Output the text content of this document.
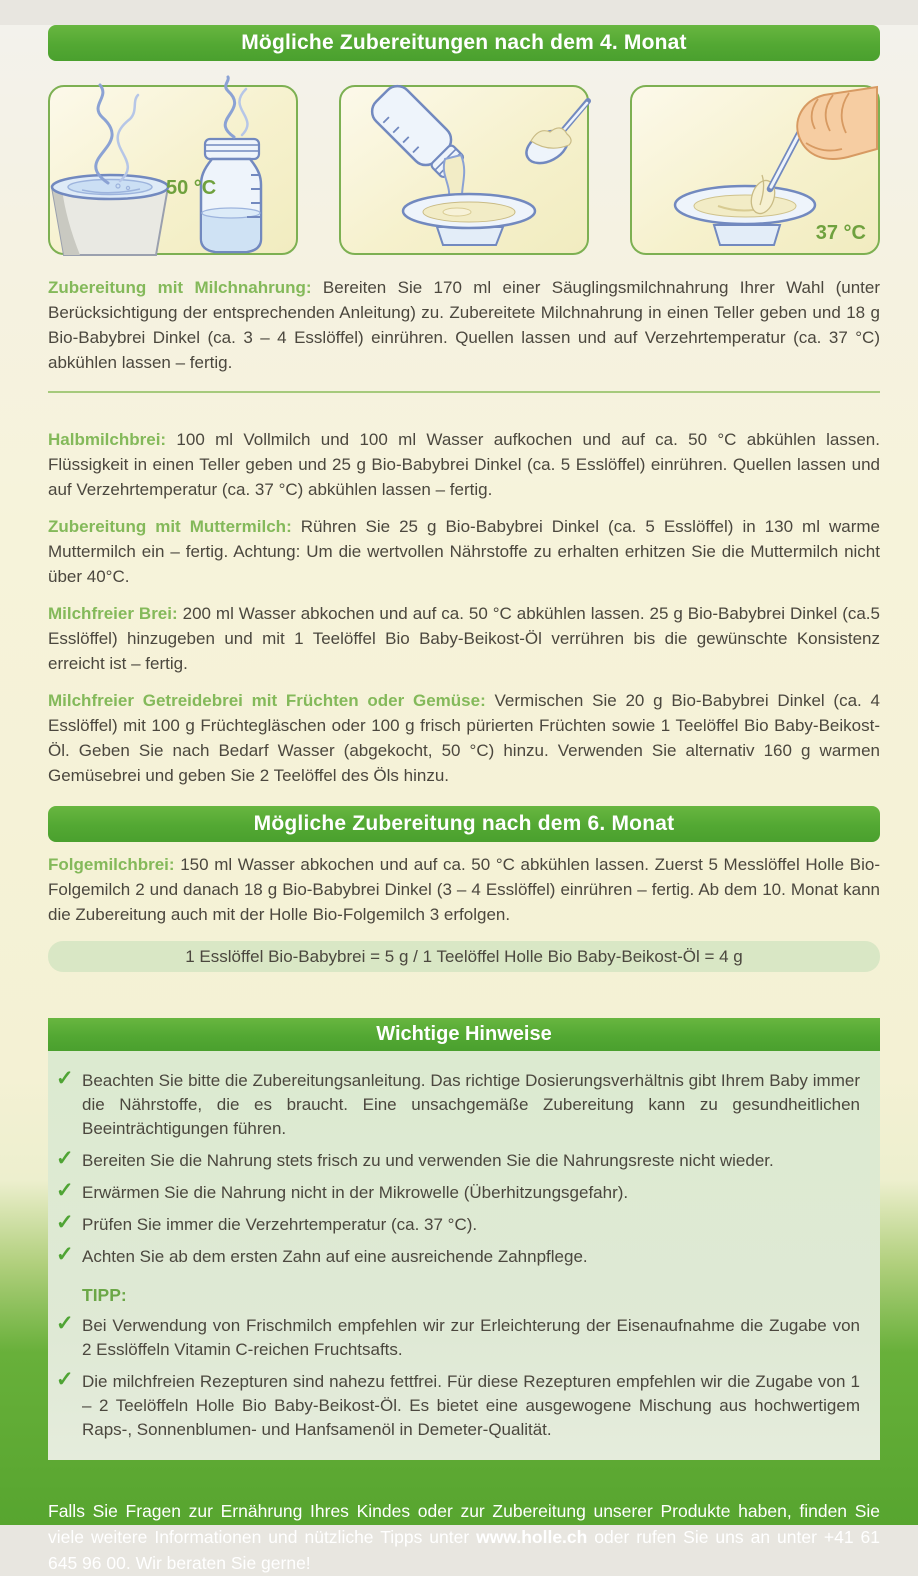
Mögliche Zubereitungen nach dem 4. Monat
50 °C
37 °C

Zubereitung mit Milchnahrung: Bereiten Sie 170 ml einer Säuglingsmilchnahrung Ihrer Wahl (unter Berücksichtigung der entsprechenden Anleitung) zu. Zubereitete Milchnahrung in einen Teller geben und 18 g Bio-Babybrei Dinkel (ca. 3 – 4 Esslöffel) einrühren. Quellen lassen und auf Verzehrtemperatur (ca. 37 °C) abkühlen lassen – fertig.

Halbmilchbrei: 100 ml Vollmilch und 100 ml Wasser aufkochen und auf ca. 50 °C abkühlen lassen. Flüssigkeit in einen Teller geben und 25 g Bio-Babybrei Dinkel (ca. 5 Esslöffel) einrühren. Quellen lassen und auf Verzehrtemperatur (ca. 37 °C) abkühlen lassen – fertig.

Zubereitung mit Muttermilch: Rühren Sie 25 g Bio-Babybrei Dinkel (ca. 5 Esslöffel) in 130 ml warme Muttermilch ein – fertig. Achtung: Um die wertvollen Nährstoffe zu erhalten erhitzen Sie die Muttermilch nicht über 40°C.

Milchfreier Brei: 200 ml Wasser abkochen und auf ca. 50 °C abkühlen lassen. 25 g Bio-Babybrei Dinkel (ca.5 Esslöffel) hinzugeben und mit 1 Teelöffel Bio Baby-Beikost-Öl verrühren bis die gewünschte Konsistenz erreicht ist – fertig.

Milchfreier Getreidebrei mit Früchten oder Gemüse: Vermischen Sie 20 g Bio-Babybrei Dinkel (ca. 4 Esslöffel) mit 100 g Früchtegläschen oder 100 g frisch pürierten Früchten sowie 1 Teelöffel Bio Baby-Beikost-Öl. Geben Sie nach Bedarf Wasser (abgekocht, 50 °C) hinzu. Verwenden Sie alternativ 160 g warmen Gemüsebrei und geben Sie 2 Teelöffel des Öls hinzu.

Mögliche Zubereitung nach dem 6. Monat

Folgemilchbrei: 150 ml Wasser abkochen und auf ca. 50 °C abkühlen lassen. Zuerst 5 Messlöffel Holle Bio-Folgemilch 2 und danach 18 g Bio-Babybrei Dinkel (3 – 4 Esslöffel) einrühren – fertig. Ab dem 10. Monat kann die Zubereitung auch mit der Holle Bio-Folgemilch 3 erfolgen.

1 Esslöffel Bio-Babybrei = 5 g / 1 Teelöffel Holle Bio Baby-Beikost-Öl = 4 g
Wichtige Hinweise
✓ Beachten Sie bitte die Zubereitungsanleitung. Das richtige Dosierungsverhältnis gibt Ihrem Baby immer die Nährstoffe, die es braucht. Eine unsachgemäße Zubereitung kann zu gesundheitlichen Beeinträchtigungen führen.
✓ Bereiten Sie die Nahrung stets frisch zu und verwenden Sie die Nahrungsreste nicht wieder.
✓ Erwärmen Sie die Nahrung nicht in der Mikrowelle (Überhitzungsgefahr).
✓ Prüfen Sie immer die Verzehrtemperatur (ca. 37 °C).
✓ Achten Sie ab dem ersten Zahn auf eine ausreichende Zahnpflege.
TIPP:
✓ Bei Verwendung von Frischmilch empfehlen wir zur Erleichterung der Eisenaufnahme die Zugabe von 2 Esslöffeln Vitamin C-reichen Fruchtsafts.
✓ Die milchfreien Rezepturen sind nahezu fettfrei. Für diese Rezepturen empfehlen wir die Zugabe von 1 – 2 Teelöffeln Holle Bio Baby-Beikost-Öl. Es bietet eine ausgewogene Mischung aus hochwertigem Raps-, Sonnenblumen- und Hanfsamenöl in Demeter-Qualität.

Falls Sie Fragen zur Ernährung Ihres Kindes oder zur Zubereitung unserer Produkte haben, finden Sie viele weitere Informationen und nützliche Tipps unter www.holle.ch oder rufen Sie uns an unter +41 61 645 96 00. Wir beraten Sie gerne!
